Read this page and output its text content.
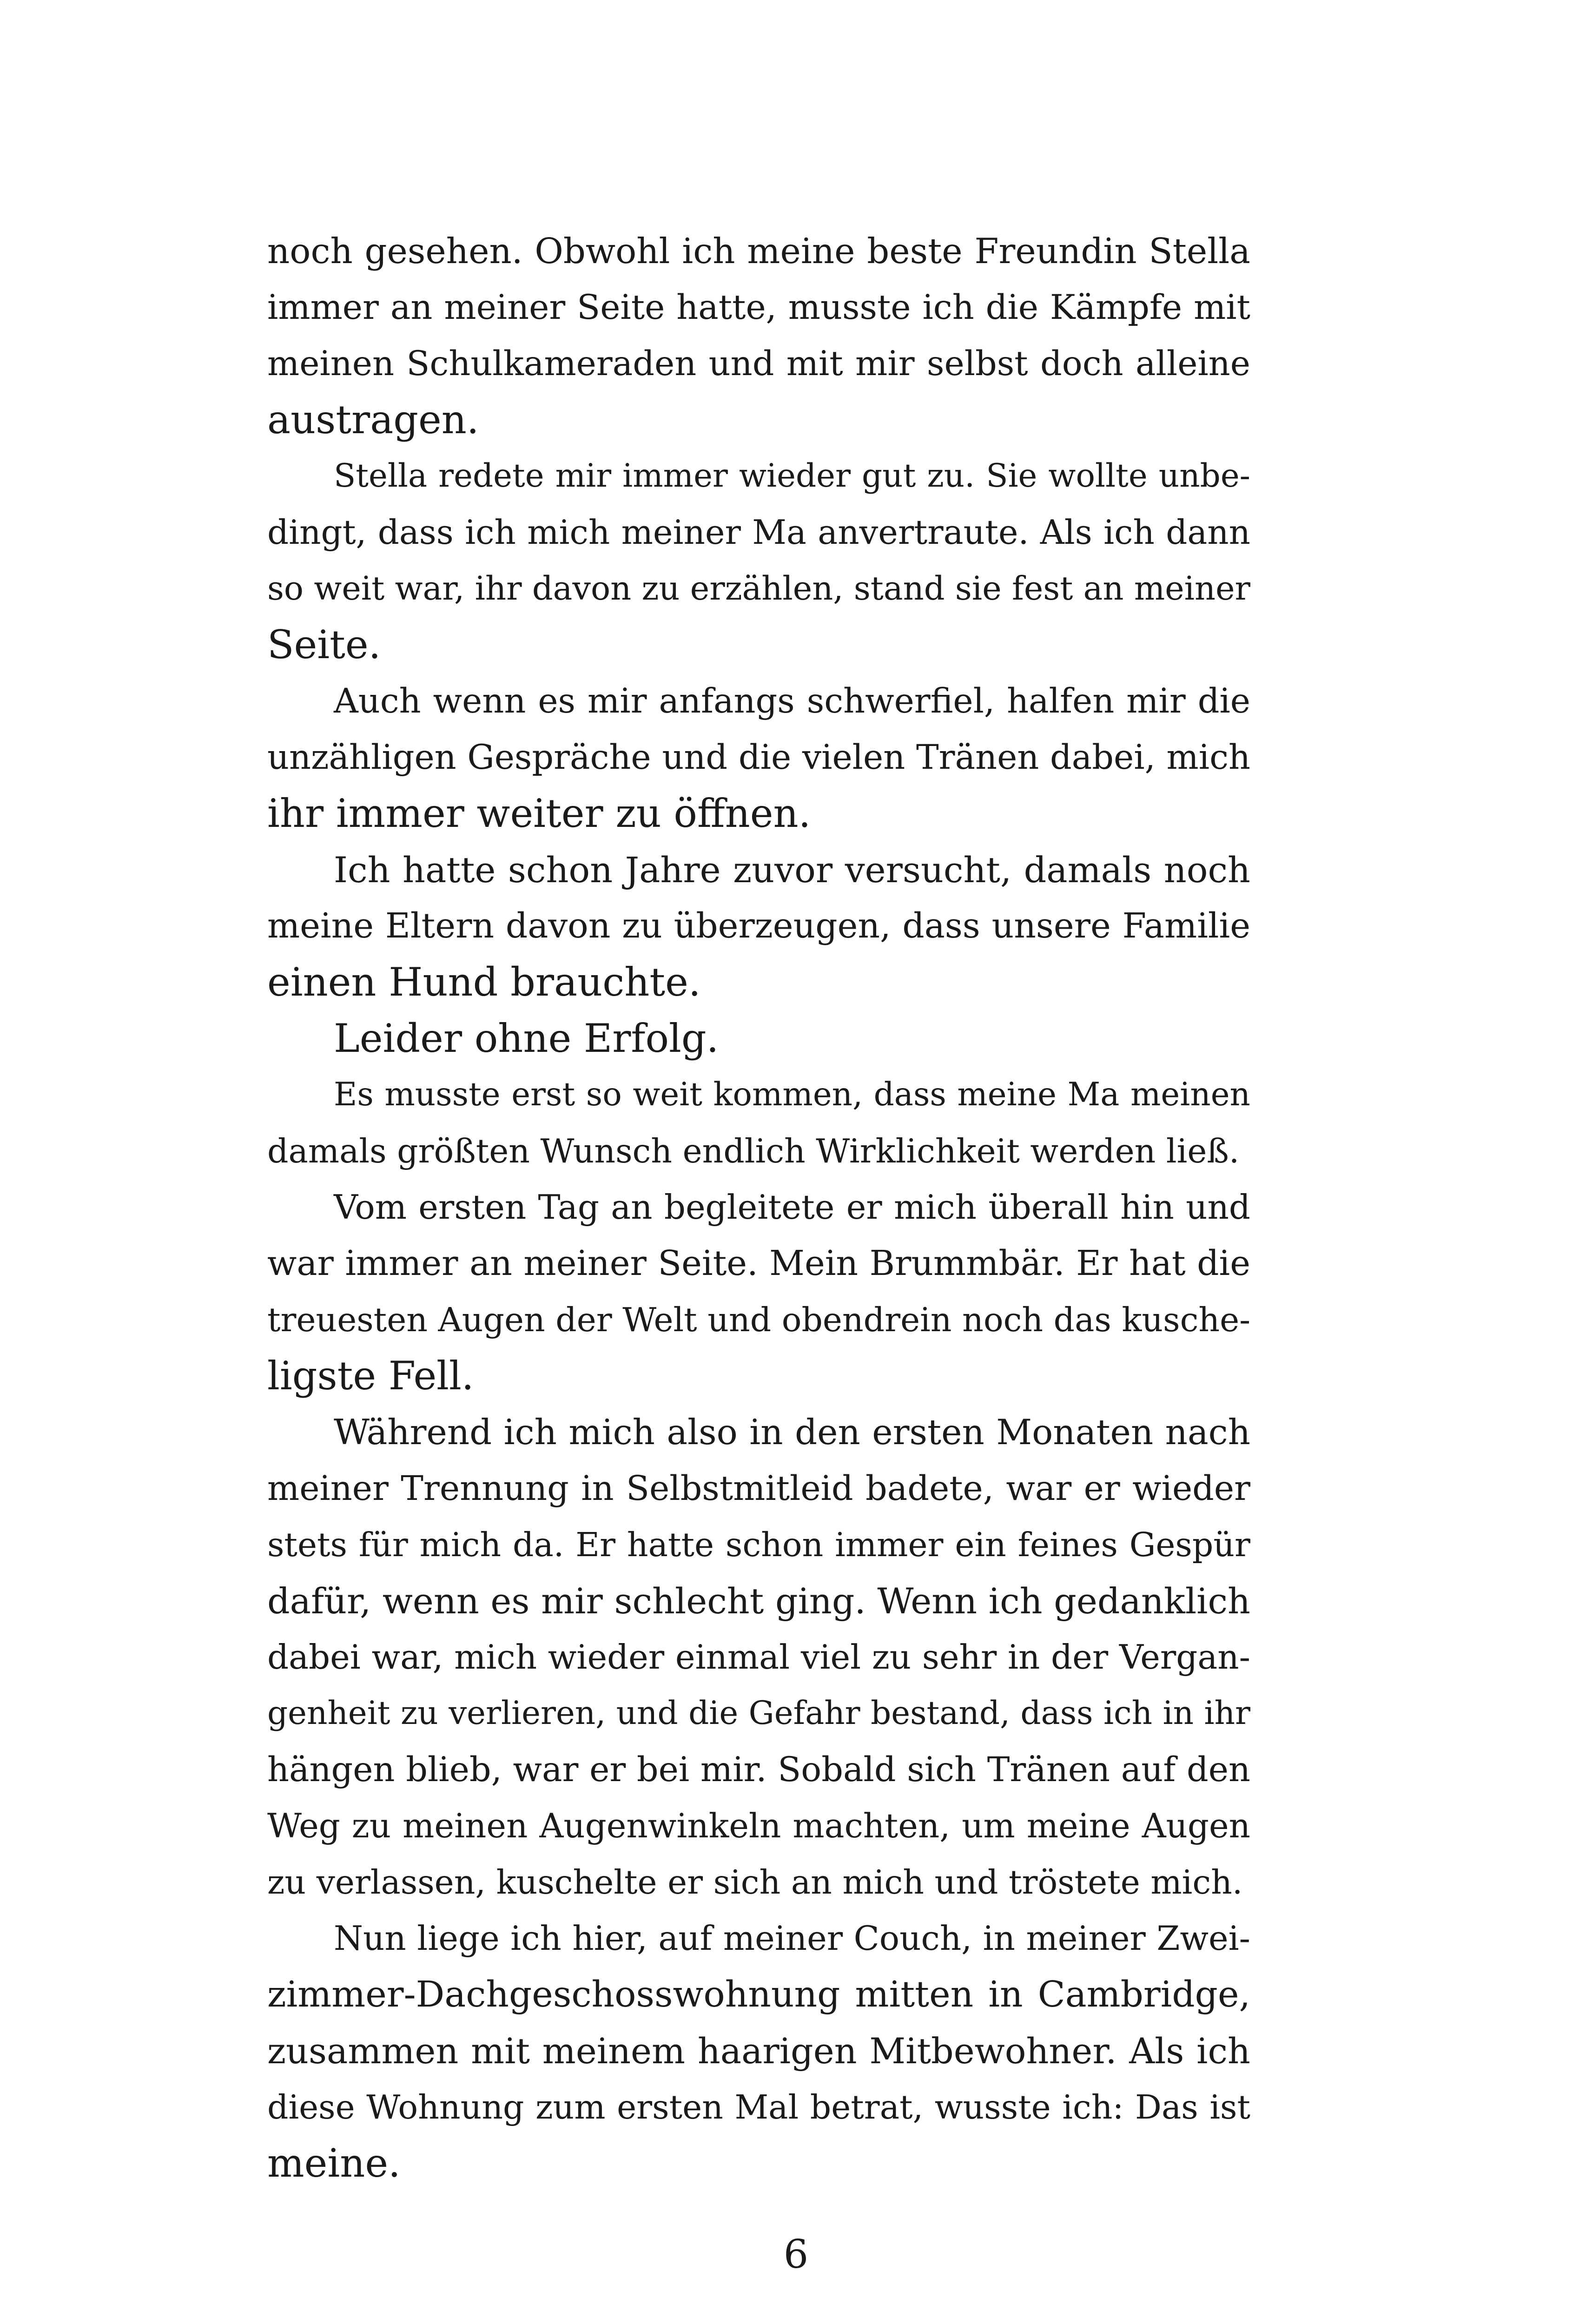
noch gesehen. Obwohl ich meine beste Freundin Stella
immer an meiner Seite hatte, musste ich die Kämpfe mit
meinen Schulkameraden und mit mir selbst doch alleine
austragen.
Stella redete mir immer wieder gut zu. Sie wollte unbe-
dingt, dass ich mich meiner Ma anvertraute. Als ich dann
so weit war, ihr davon zu erzählen, stand sie fest an meiner
Seite.
Auch wenn es mir anfangs schwerfiel, halfen mir die
unzähligen Gespräche und die vielen Tränen dabei, mich
ihr immer weiter zu öffnen.
Ich hatte schon Jahre zuvor versucht, damals noch
meine Eltern davon zu überzeugen, dass unsere Familie
einen Hund brauchte.
Leider ohne Erfolg.
Es musste erst so weit kommen, dass meine Ma meinen
damals größten Wunsch endlich Wirklichkeit werden ließ.
Vom ersten Tag an begleitete er mich überall hin und
war immer an meiner Seite. Mein Brummbär. Er hat die
treuesten Augen der Welt und obendrein noch das kusche-
ligste Fell.
Während ich mich also in den ersten Monaten nach
meiner Trennung in Selbstmitleid badete, war er wieder
stets für mich da. Er hatte schon immer ein feines Gespür
dafür, wenn es mir schlecht ging. Wenn ich gedanklich
dabei war, mich wieder einmal viel zu sehr in der Vergan-
genheit zu verlieren, und die Gefahr bestand, dass ich in ihr
hängen blieb, war er bei mir. Sobald sich Tränen auf den
Weg zu meinen Augenwinkeln machten, um meine Augen
zu verlassen, kuschelte er sich an mich und tröstete mich.
Nun liege ich hier, auf meiner Couch, in meiner Zwei-
zimmer-Dachgeschosswohnung mitten in Cambridge,
zusammen mit meinem haarigen Mitbewohner. Als ich
diese Wohnung zum ersten Mal betrat, wusste ich: Das ist
meine.
6
